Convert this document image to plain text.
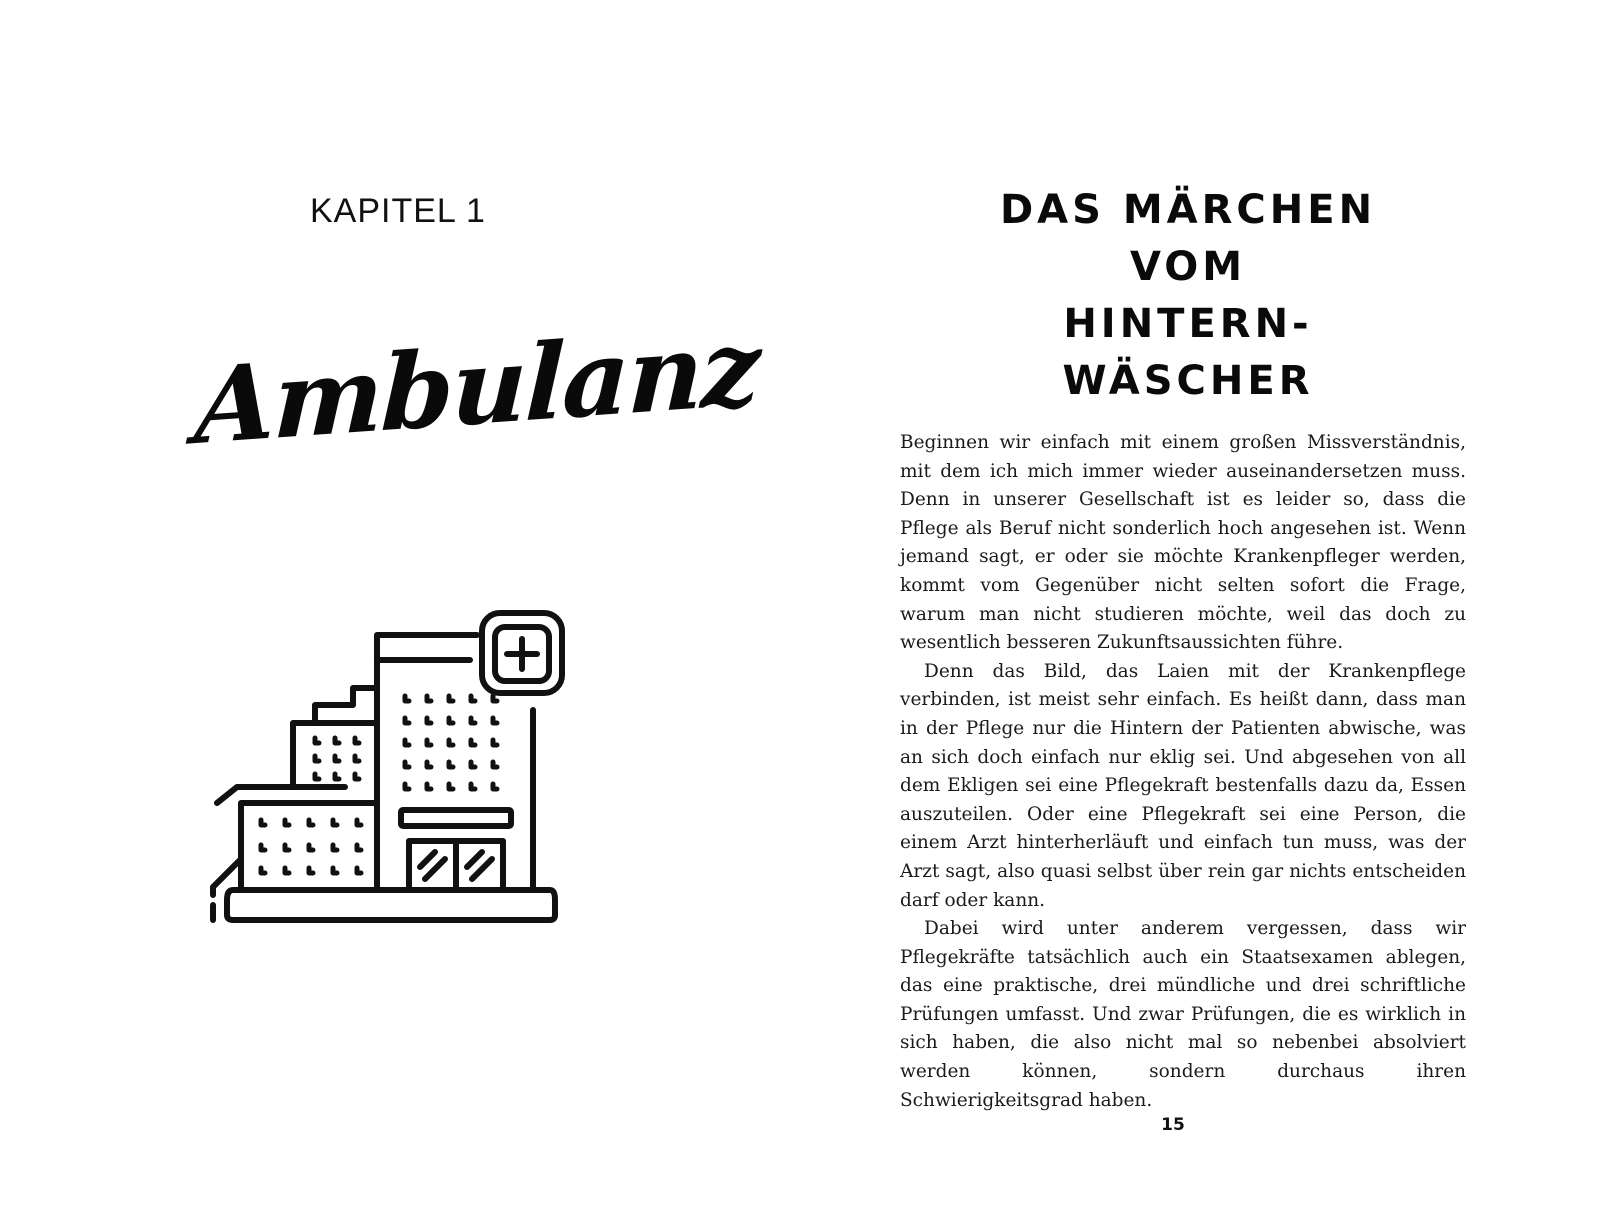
KAPITEL 1
Ambulanz
DAS MÄRCHEN VOM
HINTERN-WÄSCHER

Beginnen wir einfach mit einem großen Missverständnis, mit dem ich mich immer wieder auseinandersetzen muss. Denn in unserer Gesellschaft ist es leider so, dass die Pflege als Beruf nicht sonderlich hoch angesehen ist. Wenn jemand sagt, er oder sie möchte Krankenpfleger werden, kommt vom Gegenüber nicht selten sofort die Frage, warum man nicht studieren möchte, weil das doch zu wesentlich besseren Zukunftsaussichten führe.

Denn das Bild, das Laien mit der Krankenpflege verbinden, ist meist sehr einfach. Es heißt dann, dass man in der Pflege nur die Hintern der Patienten abwische, was an sich doch einfach nur eklig sei. Und abgesehen von all dem Ekligen sei eine Pflegekraft bestenfalls dazu da, Essen auszuteilen. Oder eine Pflegekraft sei eine Person, die einem Arzt hinterherläuft und einfach tun muss, was der Arzt sagt, also quasi selbst über rein gar nichts entscheiden darf oder kann.

Dabei wird unter anderem vergessen, dass wir Pflegekräfte tatsächlich auch ein Staatsexamen ablegen, das eine praktische, drei mündliche und drei schriftliche Prüfungen umfasst. Und zwar Prüfungen, die es wirklich in sich haben, die also nicht mal so nebenbei absolviert werden können, sondern durchaus ihren Schwierigkeitsgrad haben.

15
